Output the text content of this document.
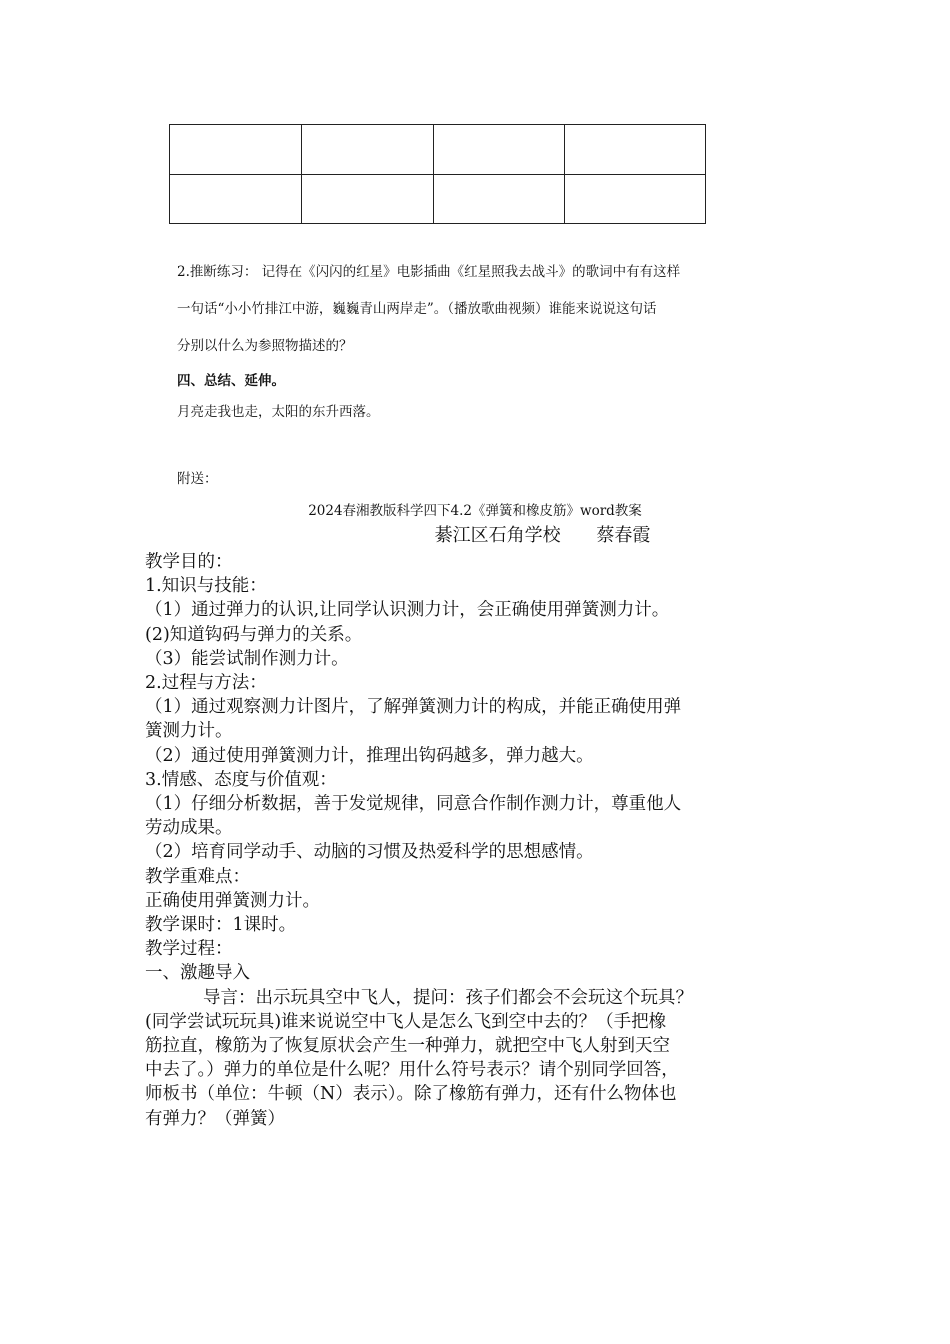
2.推断练习： 记得在《闪闪的红星》电影插曲《红星照我去战斗》的歌词中有有这样
一句话“小小竹排江中游，巍巍青山两岸走”。（播放歌曲视频）谁能来说说这句话
分别以什么为参照物描述的？
四、总结、延伸。
月亮走我也走，太阳的东升西落。
附送：
2024春湘教版科学四下4.2《弹簧和橡皮筋》word教案
綦江区石角学校 蔡春霞

教学目的：

1.知识与技能：

（1）通过弹力的认识,让同学认识测力计，会正确使用弹簧测力计。

(2)知道钩码与弹力的关系。

（3）能尝试制作测力计。

2.过程与方法：

（1）通过观察测力计图片，了解弹簧测力计的构成，并能正确使用弹

簧测力计。

（2）通过使用弹簧测力计，推理出钩码越多，弹力越大。

3.情感、态度与价值观：

（1）仔细分析数据，善于发觉规律，同意合作制作测力计，尊重他人

劳动成果。

（2）培育同学动手、动脑的习惯及热爱科学的思想感情。

教学重难点：

正确使用弹簧测力计。

教学课时：1课时。

教学过程：

一、激趣导入

导言：出示玩具空中飞人，提问：孩子们都会不会玩这个玩具？

(同学尝试玩玩具)谁来说说空中飞人是怎么飞到空中去的？（手把橡

筋拉直，橡筋为了恢复原状会产生一种弹力，就把空中飞人射到天空

中去了。）弹力的单位是什么呢？用什么符号表示？请个别同学回答，

师板书（单位：牛顿（N）表示）。除了橡筋有弹力，还有什么物体也

有弹力？（弹簧）
